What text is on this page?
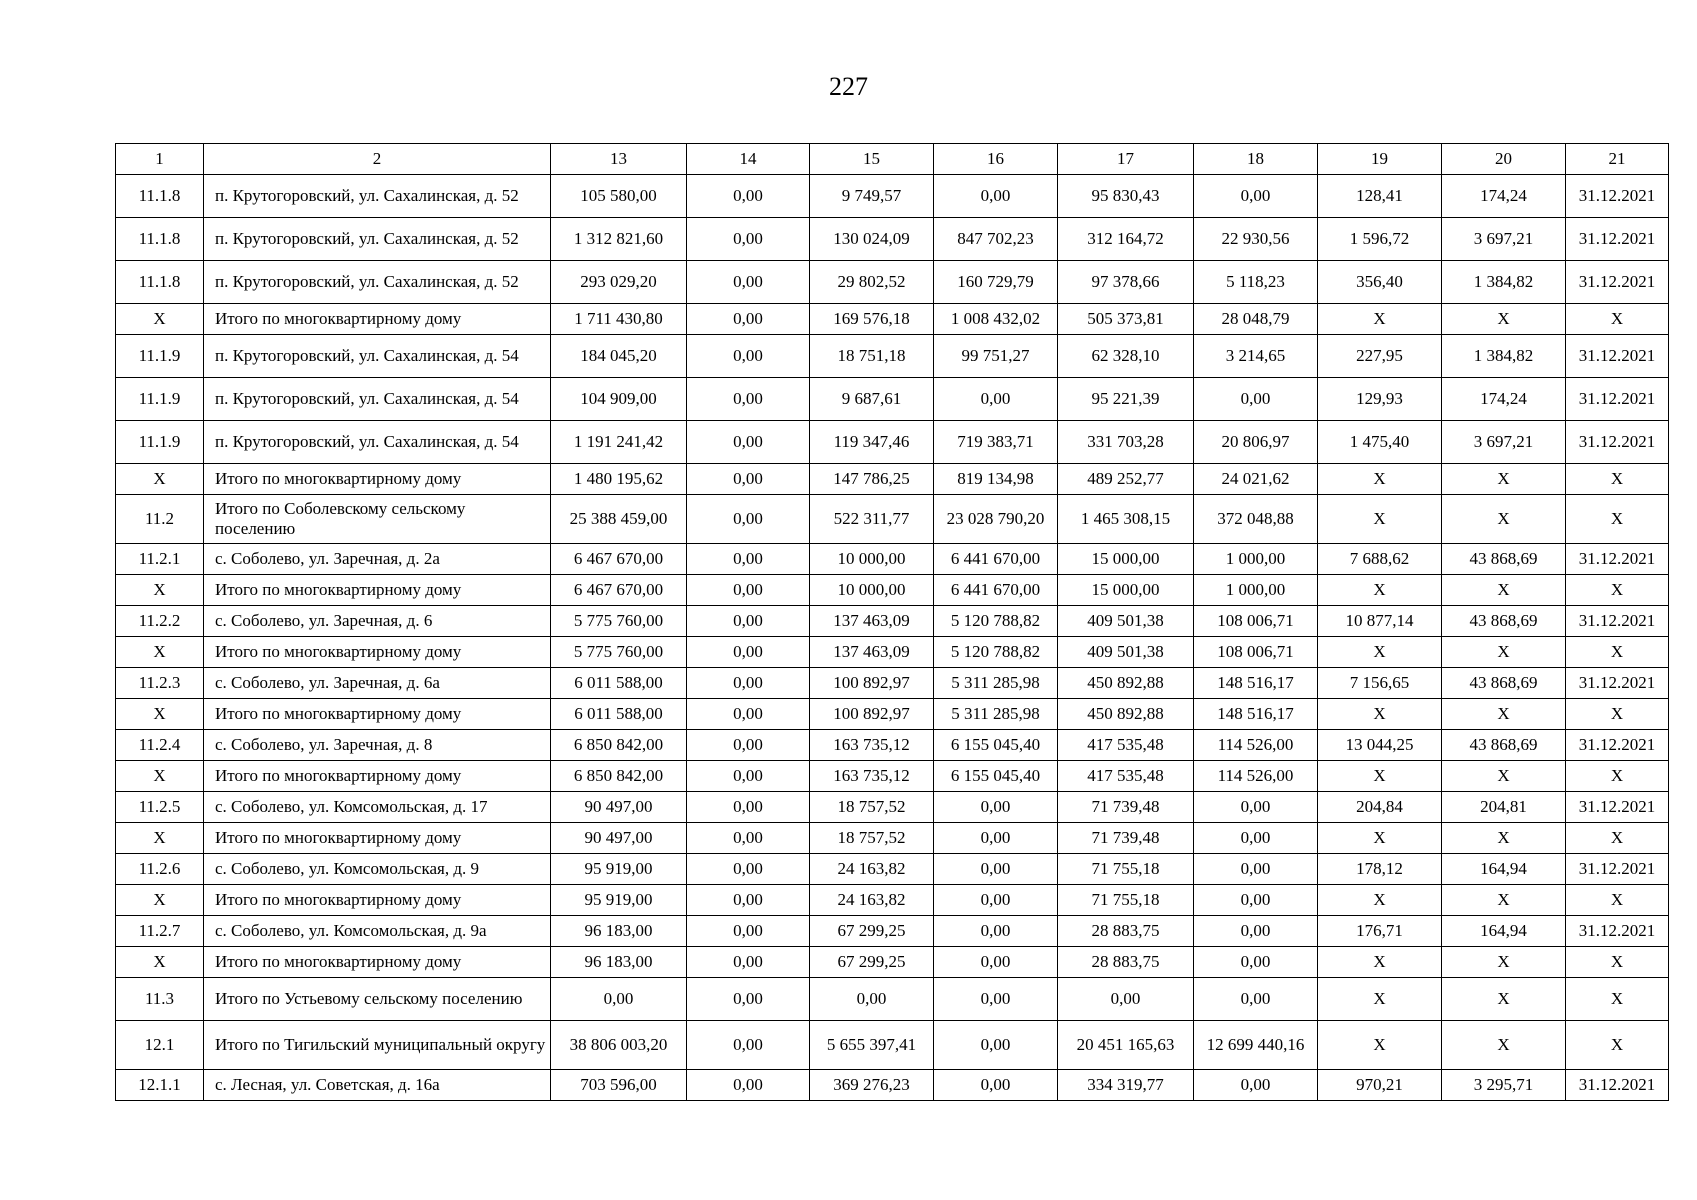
227
1	2	13	14	15	16	17	18	19	20	21
11.1.8	п. Крутогоровский, ул. Сахалинская, д. 52	105 580,00	0,00	9 749,57	0,00	95 830,43	0,00	128,41	174,24	31.12.2021
11.1.8	п. Крутогоровский, ул. Сахалинская, д. 52	1 312 821,60	0,00	130 024,09	847 702,23	312 164,72	22 930,56	1 596,72	3 697,21	31.12.2021
11.1.8	п. Крутогоровский, ул. Сахалинская, д. 52	293 029,20	0,00	29 802,52	160 729,79	97 378,66	5 118,23	356,40	1 384,82	31.12.2021
X	Итого по многоквартирному дому	1 711 430,80	0,00	169 576,18	1 008 432,02	505 373,81	28 048,79	X	X	X
11.1.9	п. Крутогоровский, ул. Сахалинская, д. 54	184 045,20	0,00	18 751,18	99 751,27	62 328,10	3 214,65	227,95	1 384,82	31.12.2021
11.1.9	п. Крутогоровский, ул. Сахалинская, д. 54	104 909,00	0,00	9 687,61	0,00	95 221,39	0,00	129,93	174,24	31.12.2021
11.1.9	п. Крутогоровский, ул. Сахалинская, д. 54	1 191 241,42	0,00	119 347,46	719 383,71	331 703,28	20 806,97	1 475,40	3 697,21	31.12.2021
X	Итого по многоквартирному дому	1 480 195,62	0,00	147 786,25	819 134,98	489 252,77	24 021,62	X	X	X
11.2	Итого по Соболевскому сельскому поселению	25 388 459,00	0,00	522 311,77	23 028 790,20	1 465 308,15	372 048,88	X	X	X
11.2.1	с. Соболево, ул. Заречная, д. 2а	6 467 670,00	0,00	10 000,00	6 441 670,00	15 000,00	1 000,00	7 688,62	43 868,69	31.12.2021
X	Итого по многоквартирному дому	6 467 670,00	0,00	10 000,00	6 441 670,00	15 000,00	1 000,00	X	X	X
11.2.2	с. Соболево, ул. Заречная, д. 6	5 775 760,00	0,00	137 463,09	5 120 788,82	409 501,38	108 006,71	10 877,14	43 868,69	31.12.2021
X	Итого по многоквартирному дому	5 775 760,00	0,00	137 463,09	5 120 788,82	409 501,38	108 006,71	X	X	X
11.2.3	с. Соболево, ул. Заречная, д. 6а	6 011 588,00	0,00	100 892,97	5 311 285,98	450 892,88	148 516,17	7 156,65	43 868,69	31.12.2021
X	Итого по многоквартирному дому	6 011 588,00	0,00	100 892,97	5 311 285,98	450 892,88	148 516,17	X	X	X
11.2.4	с. Соболево, ул. Заречная, д. 8	6 850 842,00	0,00	163 735,12	6 155 045,40	417 535,48	114 526,00	13 044,25	43 868,69	31.12.2021
X	Итого по многоквартирному дому	6 850 842,00	0,00	163 735,12	6 155 045,40	417 535,48	114 526,00	X	X	X
11.2.5	с. Соболево, ул. Комсомольская, д. 17	90 497,00	0,00	18 757,52	0,00	71 739,48	0,00	204,84	204,81	31.12.2021
X	Итого по многоквартирному дому	90 497,00	0,00	18 757,52	0,00	71 739,48	0,00	X	X	X
11.2.6	с. Соболево, ул. Комсомольская, д. 9	95 919,00	0,00	24 163,82	0,00	71 755,18	0,00	178,12	164,94	31.12.2021
X	Итого по многоквартирному дому	95 919,00	0,00	24 163,82	0,00	71 755,18	0,00	X	X	X
11.2.7	с. Соболево, ул. Комсомольская, д. 9а	96 183,00	0,00	67 299,25	0,00	28 883,75	0,00	176,71	164,94	31.12.2021
X	Итого по многоквартирному дому	96 183,00	0,00	67 299,25	0,00	28 883,75	0,00	X	X	X
11.3	Итого по Устьевому сельскому поселению	0,00	0,00	0,00	0,00	0,00	0,00	X	X	X
12.1	Итого по Тигильский муниципальный округу	38 806 003,20	0,00	5 655 397,41	0,00	20 451 165,63	12 699 440,16	X	X	X
12.1.1	с. Лесная, ул. Советская, д. 16а	703 596,00	0,00	369 276,23	0,00	334 319,77	0,00	970,21	3 295,71	31.12.2021
